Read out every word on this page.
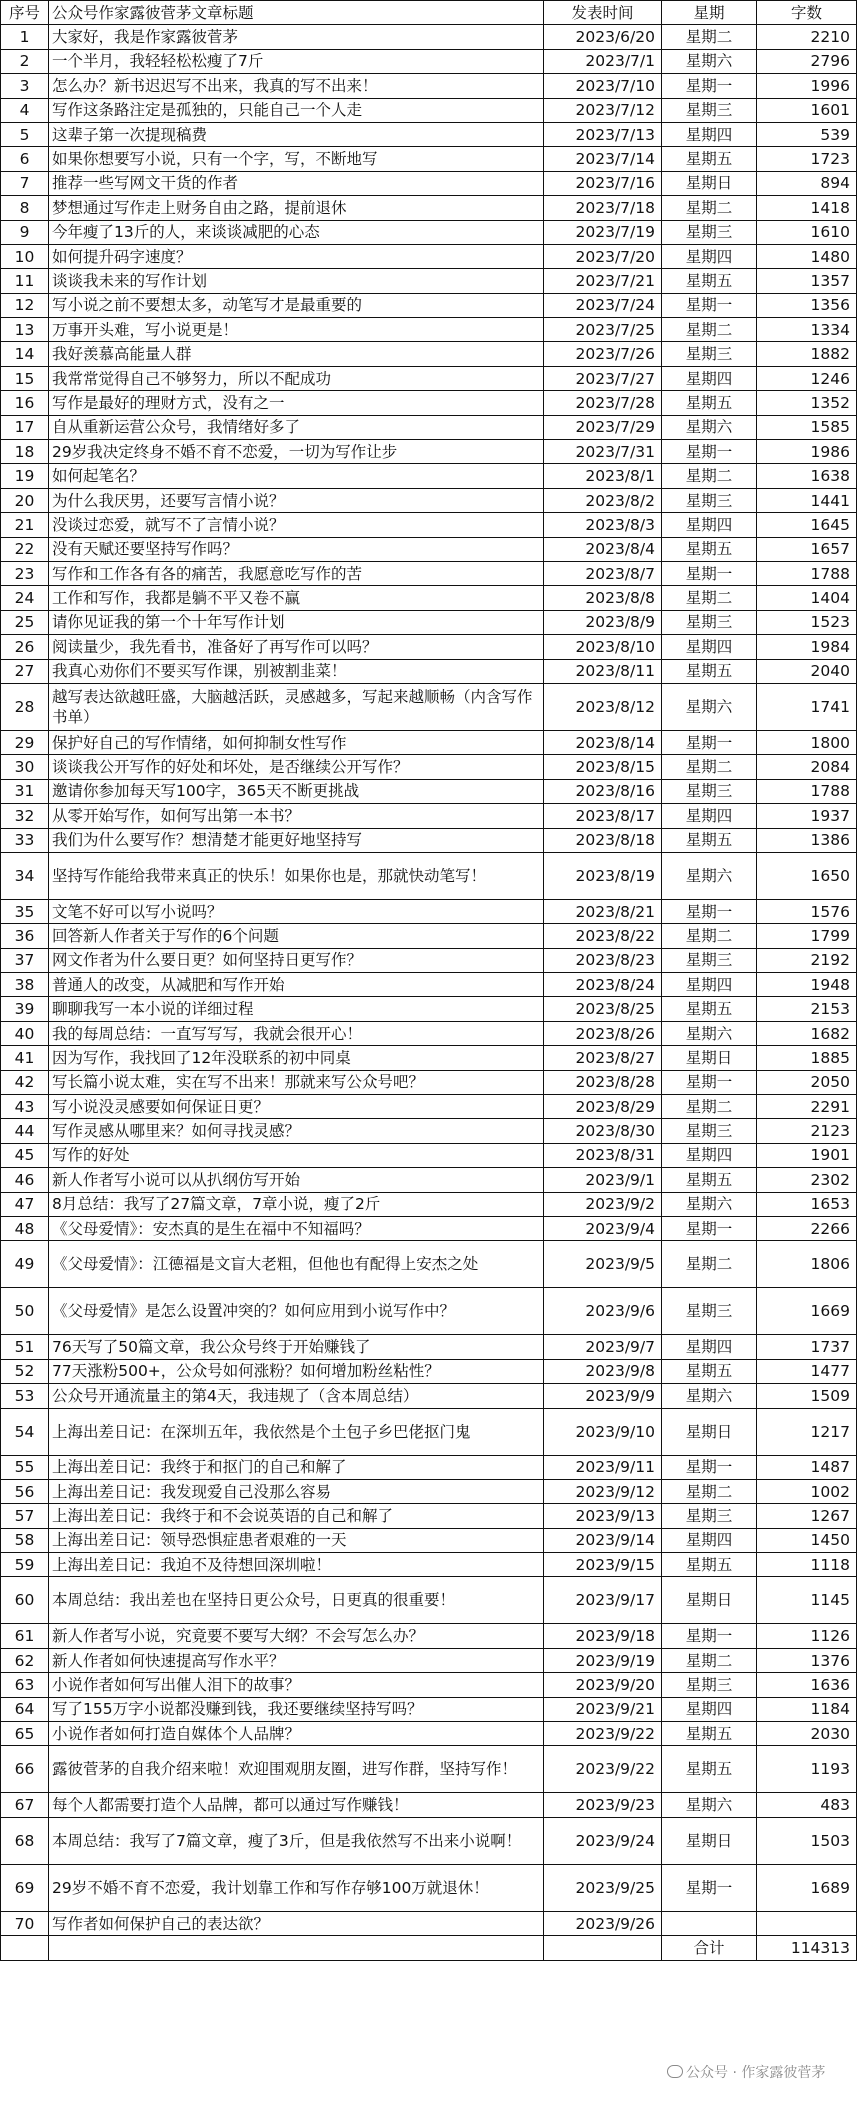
序号	公众号作家露彼菅茅文章标题	发表时间	星期	字数
1	大家好，我是作家露彼菅茅	2023/6/20	星期二	2210
2	一个半月，我轻轻松松瘦了7斤	2023/7/1	星期六	2796
3	怎么办？新书迟迟写不出来，我真的写不出来！	2023/7/10	星期一	1996
4	写作这条路注定是孤独的，只能自己一个人走	2023/7/12	星期三	1601
5	这辈子第一次提现稿费	2023/7/13	星期四	539
6	如果你想要写小说，只有一个字，写，不断地写	2023/7/14	星期五	1723
7	推荐一些写网文干货的作者	2023/7/16	星期日	894
8	梦想通过写作走上财务自由之路，提前退休	2023/7/18	星期二	1418
9	今年瘦了13斤的人，来谈谈减肥的心态	2023/7/19	星期三	1610
10	如何提升码字速度？	2023/7/20	星期四	1480
11	谈谈我未来的写作计划	2023/7/21	星期五	1357
12	写小说之前不要想太多，动笔写才是最重要的	2023/7/24	星期一	1356
13	万事开头难，写小说更是！	2023/7/25	星期二	1334
14	我好羡慕高能量人群	2023/7/26	星期三	1882
15	我常常觉得自己不够努力，所以不配成功	2023/7/27	星期四	1246
16	写作是最好的理财方式，没有之一	2023/7/28	星期五	1352
17	自从重新运营公众号，我情绪好多了	2023/7/29	星期六	1585
18	29岁我决定终身不婚不育不恋爱，一切为写作让步	2023/7/31	星期一	1986
19	如何起笔名？	2023/8/1	星期二	1638
20	为什么我厌男，还要写言情小说？	2023/8/2	星期三	1441
21	没谈过恋爱，就写不了言情小说？	2023/8/3	星期四	1645
22	没有天赋还要坚持写作吗？	2023/8/4	星期五	1657
23	写作和工作各有各的痛苦，我愿意吃写作的苦	2023/8/7	星期一	1788
24	工作和写作，我都是躺不平又卷不赢	2023/8/8	星期二	1404
25	请你见证我的第一个十年写作计划	2023/8/9	星期三	1523
26	阅读量少，我先看书，准备好了再写作可以吗？	2023/8/10	星期四	1984
27	我真心劝你们不要买写作课，别被割韭菜！	2023/8/11	星期五	2040
28	越写表达欲越旺盛，大脑越活跃，灵感越多，写起来越顺畅（内含写作书单）	2023/8/12	星期六	1741
29	保护好自己的写作情绪，如何抑制女性写作	2023/8/14	星期一	1800
30	谈谈我公开写作的好处和坏处，是否继续公开写作？	2023/8/15	星期二	2084
31	邀请你参加每天写100字，365天不断更挑战	2023/8/16	星期三	1788
32	从零开始写作，如何写出第一本书？	2023/8/17	星期四	1937
33	我们为什么要写作？想清楚才能更好地坚持写	2023/8/18	星期五	1386
34	坚持写作能给我带来真正的快乐！如果你也是，那就快动笔写！	2023/8/19	星期六	1650
35	文笔不好可以写小说吗？	2023/8/21	星期一	1576
36	回答新人作者关于写作的6个问题	2023/8/22	星期二	1799
37	网文作者为什么要日更？如何坚持日更写作？	2023/8/23	星期三	2192
38	普通人的改变，从减肥和写作开始	2023/8/24	星期四	1948
39	聊聊我写一本小说的详细过程	2023/8/25	星期五	2153
40	我的每周总结：一直写写写，我就会很开心！	2023/8/26	星期六	1682
41	因为写作，我找回了12年没联系的初中同桌	2023/8/27	星期日	1885
42	写长篇小说太难，实在写不出来！那就来写公众号吧？	2023/8/28	星期一	2050
43	写小说没灵感要如何保证日更？	2023/8/29	星期二	2291
44	写作灵感从哪里来？如何寻找灵感？	2023/8/30	星期三	2123
45	写作的好处	2023/8/31	星期四	1901
46	新人作者写小说可以从扒纲仿写开始	2023/9/1	星期五	2302
47	8月总结：我写了27篇文章，7章小说，瘦了2斤	2023/9/2	星期六	1653
48	《父母爱情》：安杰真的是生在福中不知福吗？	2023/9/4	星期一	2266
49	《父母爱情》：江德福是文盲大老粗，但他也有配得上安杰之处	2023/9/5	星期二	1806
50	《父母爱情》是怎么设置冲突的？如何应用到小说写作中？	2023/9/6	星期三	1669
51	76天写了50篇文章，我公众号终于开始赚钱了	2023/9/7	星期四	1737
52	77天涨粉500+，公众号如何涨粉？如何增加粉丝粘性？	2023/9/8	星期五	1477
53	公众号开通流量主的第4天，我违规了（含本周总结）	2023/9/9	星期六	1509
54	上海出差日记：在深圳五年，我依然是个土包子乡巴佬抠门鬼	2023/9/10	星期日	1217
55	上海出差日记：我终于和抠门的自己和解了	2023/9/11	星期一	1487
56	上海出差日记：我发现爱自己没那么容易	2023/9/12	星期二	1002
57	上海出差日记：我终于和不会说英语的自己和解了	2023/9/13	星期三	1267
58	上海出差日记：领导恐惧症患者艰难的一天	2023/9/14	星期四	1450
59	上海出差日记：我迫不及待想回深圳啦！	2023/9/15	星期五	1118
60	本周总结：我出差也在坚持日更公众号，日更真的很重要！	2023/9/17	星期日	1145
61	新人作者写小说，究竟要不要写大纲？不会写怎么办？	2023/9/18	星期一	1126
62	新人作者如何快速提高写作水平？	2023/9/19	星期二	1376
63	小说作者如何写出催人泪下的故事？	2023/9/20	星期三	1636
64	写了155万字小说都没赚到钱，我还要继续坚持写吗？	2023/9/21	星期四	1184
65	小说作者如何打造自媒体个人品牌？	2023/9/22	星期五	2030
66	露彼菅茅的自我介绍来啦！欢迎围观朋友圈，进写作群，坚持写作！	2023/9/22	星期五	1193
67	每个人都需要打造个人品牌，都可以通过写作赚钱！	2023/9/23	星期六	483
68	本周总结：我写了7篇文章，瘦了3斤，但是我依然写不出来小说啊！	2023/9/24	星期日	1503
69	29岁不婚不育不恋爱，我计划靠工作和写作存够100万就退休！	2023/9/25	星期一	1689
70	写作者如何保护自己的表达欲？	2023/9/26		
			合计	114313
公众号 · 作家露彼菅茅
